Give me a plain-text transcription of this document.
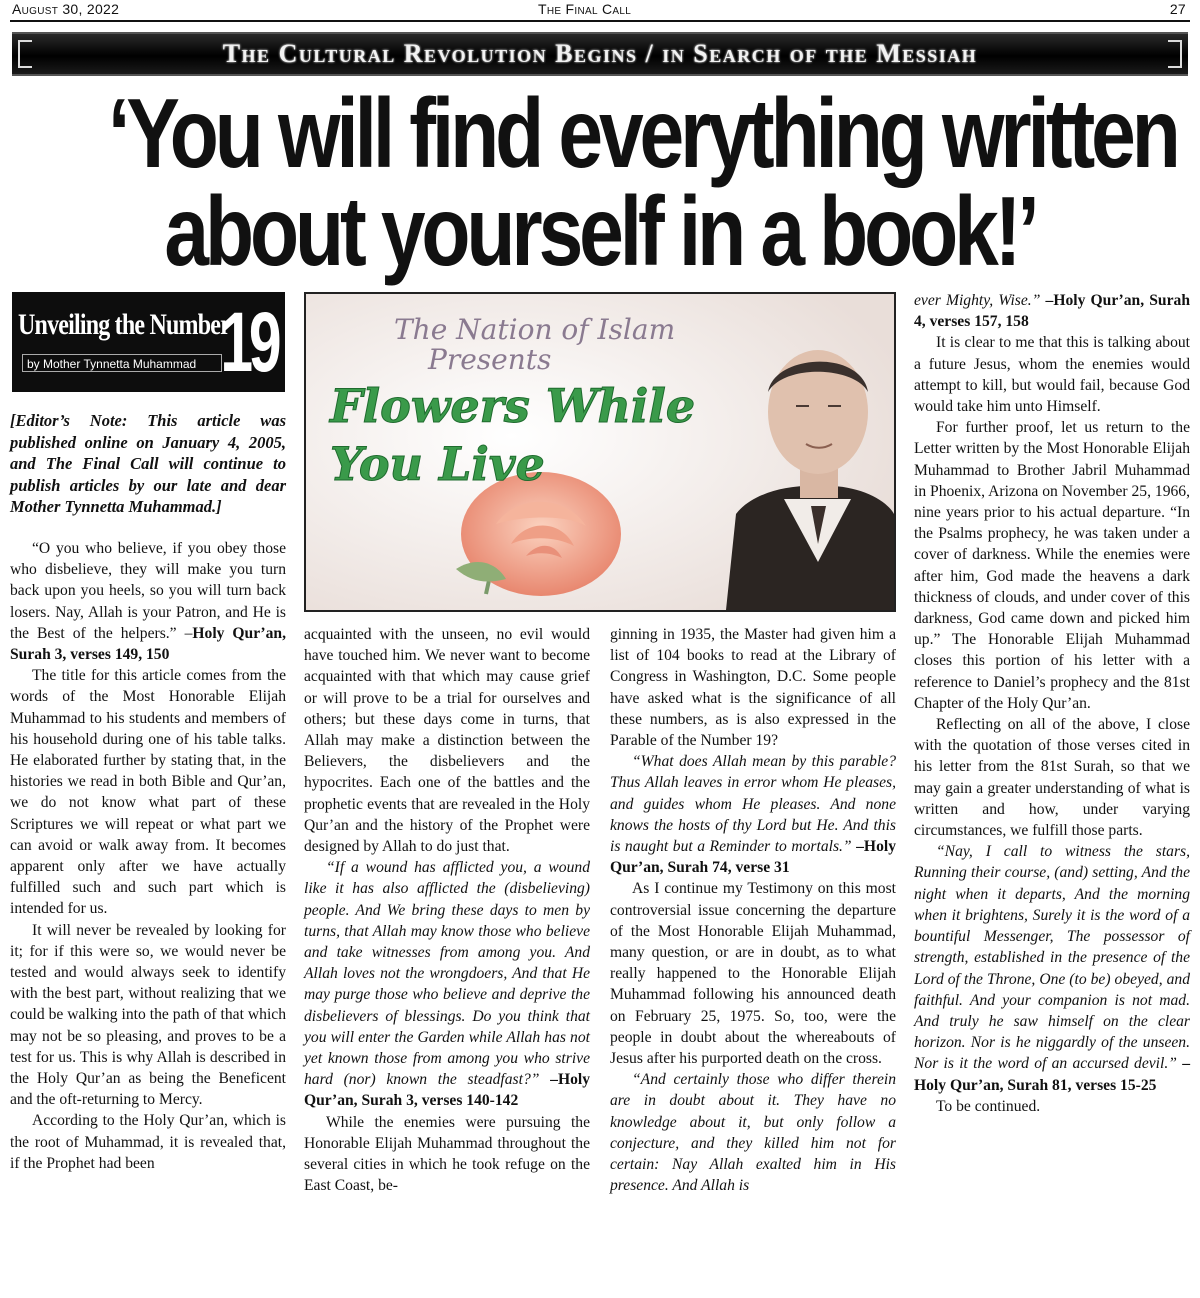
August 30, 2022	The Final Call	27
The Cultural Revolution Begins / in Search of the Messiah
‘You will find everything written
about yourself in a book!’
Unveiling the Number
by Mother Tynnetta Muhammad 19	The Nation of Islam
Presents
Flowers While
You Live

[Editor’s Note: This article was published online on January 4, 2005, and The Final Call will continue to publish articles by our late and dear Mother Tynnetta Muhammad.]

“O you who believe, if you obey those who disbelieve, they will make you turn back upon you heels, so you will turn back losers. Nay, Allah is your Patron, and He is the Best of the helpers.” –Holy Qur’an, Surah 3, verses 149, 150

The title for this article comes from the words of the Most Honorable Elijah Muhammad to his students and members of his household during one of his table talks. He elaborated further by stating that, in the histories we read in both Bible and Qur’an, we do not know what part of these Scriptures we will repeat or what part we can avoid or walk away from. It becomes apparent only after we have actually fulfilled such and such part which is intended for us.

It will never be revealed by looking for it; for if this were so, we would never be tested and would always seek to identify with the best part, without realizing that we could be walking into the path of that which may not be so pleasing, and proves to be a test for us. This is why Allah is described in the Holy Qur’an as being the Beneficent and the oft-returning to Mercy.

According to the Holy Qur’an, which is the root of Muhammad, it is revealed that, if the Prophet had been

acquainted with the unseen, no evil would have touched him. We never want to become acquainted with that which may cause grief or will prove to be a trial for ourselves and others; but these days come in turns, that Allah may make a distinction between the Believers, the disbelievers and the hypocrites. Each one of the battles and the prophetic events that are revealed in the Holy Qur’an and the history of the Prophet were designed by Allah to do just that.

“If a wound has afflicted you, a wound like it has also afflicted the (disbelieving) people. And We bring these days to men by turns, that Allah may know those who believe and take witnesses from among you. And Allah loves not the wrongdoers, And that He may purge those who believe and deprive the disbelievers of blessings. Do you think that you will enter the Garden while Allah has not yet known those from among you who strive hard (nor) known the steadfast?” –Holy Qur’an, Surah 3, verses 140-142

While the enemies were pursuing the Honorable Elijah Muhammad throughout the several cities in which he took refuge on the East Coast, be-

ginning in 1935, the Master had given him a list of 104 books to read at the Library of Congress in Washington, D.C. Some people have asked what is the significance of all these numbers, as is also expressed in the Parable of the Number 19?

“What does Allah mean by this parable? Thus Allah leaves in error whom He pleases, and guides whom He pleases. And none knows the hosts of thy Lord but He. And this is naught but a Reminder to mortals.” –Holy Qur’an, Surah 74, verse 31

As I continue my Testimony on this most controversial issue concerning the departure of the Most Honorable Elijah Muhammad, many question, or are in doubt, as to what really happened to the Honorable Elijah Muhammad following his announced death on February 25, 1975. So, too, were the people in doubt about the whereabouts of Jesus after his purported death on the cross.

“And certainly those who differ therein are in doubt about it. They have no knowledge about it, but only follow a conjecture, and they killed him not for certain: Nay Allah exalted him in His presence. And Allah is

ever Mighty, Wise.” –Holy Qur’an, Surah 4, verses 157, 158

It is clear to me that this is talking about a future Jesus, whom the enemies would attempt to kill, but would fail, because God would take him unto Himself.

For further proof, let us return to the Letter written by the Most Honorable Elijah Muhammad to Brother Jabril Muhammad in Phoenix, Arizona on November 25, 1966, nine years prior to his actual departure. “In the Psalms prophecy, he was taken under a cover of darkness. While the enemies were after him, God made the heavens a dark thickness of clouds, and under cover of this darkness, God came down and picked him up.” The Honorable Elijah Muhammad closes this portion of his letter with a reference to Daniel’s prophecy and the 81st Chapter of the Holy Qur’an.

Reflecting on all of the above, I close with the quotation of those verses cited in his letter from the 81st Surah, so that we may gain a greater understanding of what is written and how, under varying circumstances, we fulfill those parts.

“Nay, I call to witness the stars, Running their course, (and) setting, And the night when it departs, And the morning when it brightens, Surely it is the word of a bountiful Messenger, The possessor of strength, established in the presence of the Lord of the Throne, One (to be) obeyed, and faithful. And your companion is not mad. And truly he saw himself on the clear horizon. Nor is he niggardly of the unseen. Nor is it the word of an accursed devil.” –Holy Qur’an, Surah 81, verses 15-25

To be continued.
